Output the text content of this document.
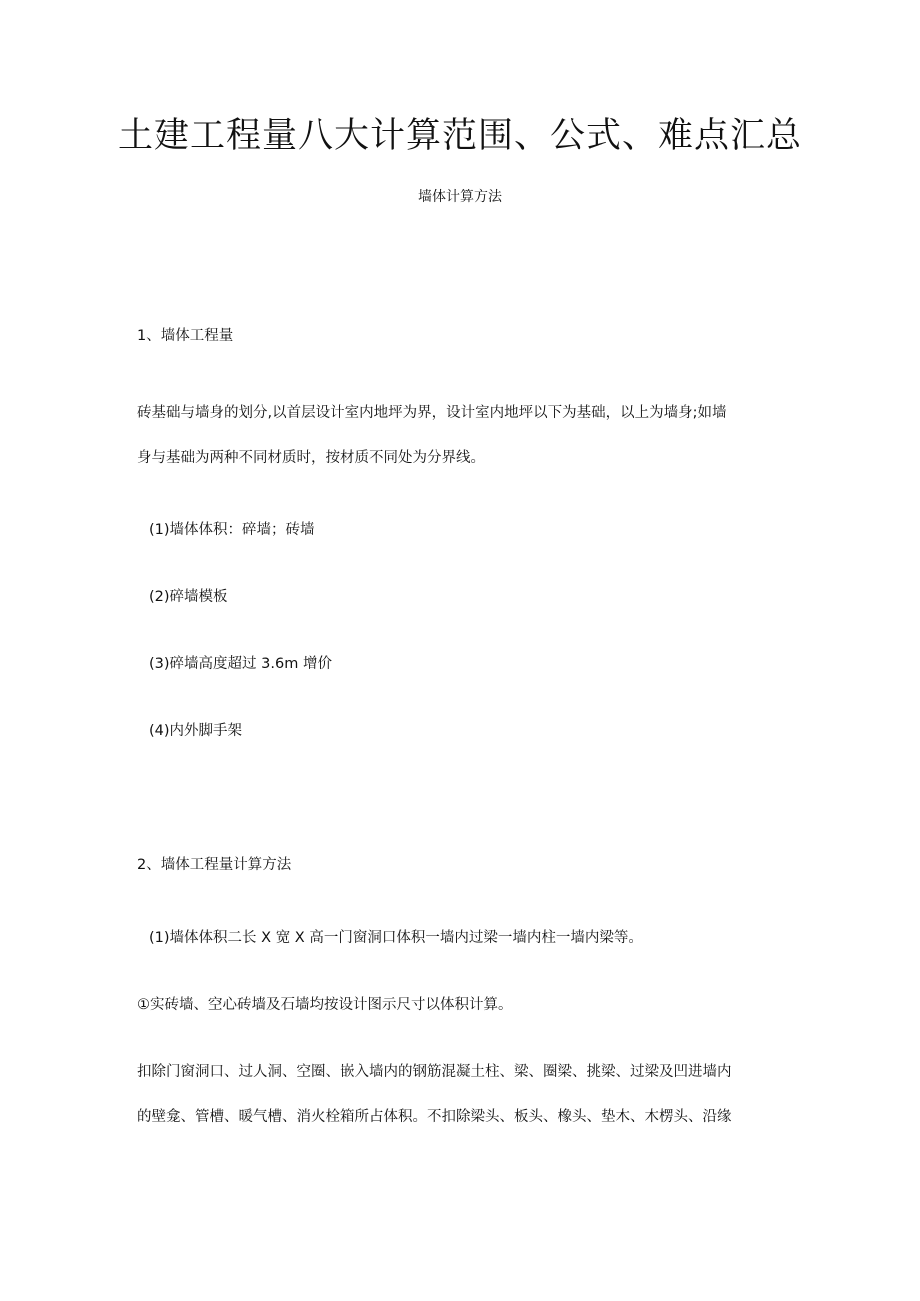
土建工程量八大计算范围、公式、难点汇总
墙体计算方法
1、墙体工程量
砖基础与墙身的划分,以首层设计室内地坪为界，设计室内地坪以下为基础，以上为墙身;如墙
身与基础为两种不同材质时，按材质不同处为分界线。
(1)墙体体积：碎墙；砖墙
(2)碎墙模板
(3)碎墙高度超过 3.6m 增价
(4)内外脚手架
2、墙体工程量计算方法
(1)墙体体积二长 X 宽 X 高一门窗洞口体积一墙内过梁一墙内柱一墙内梁等。
①实砖墙、空心砖墙及石墙均按设计图示尺寸以体积计算。
扣除门窗洞口、过人洞、空圈、嵌入墙内的钢筋混凝土柱、梁、圈梁、挑梁、过梁及凹进墙内
的壁龛、管槽、暖气槽、消火栓箱所占体积。不扣除梁头、板头、橡头、垫木、木楞头、沿缘
